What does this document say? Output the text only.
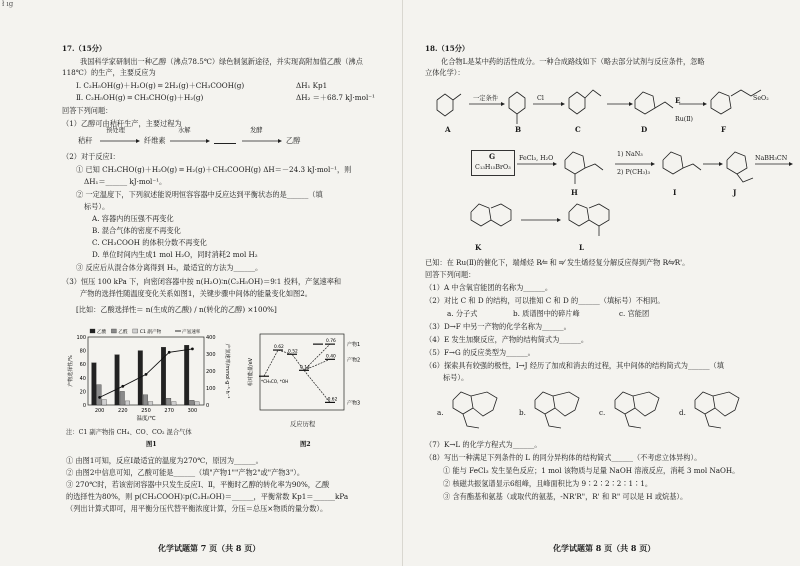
ł ıg
17.（15分）
我国科学家研制出一种乙醇（沸点78.5℃）绿色制氢新途径，并实现高附加值乙酸（沸点
118℃）的生产，主要反应为
Ⅰ. C₂H₅OH(g)＋H₂O(g) ═ 2H₂(g)＋CH₃COOH(g)	ΔH₁ Kp1
Ⅱ. C₂H₅OH(g) ═ CH₃CHO(g)＋H₂(g)	ΔH₂ ＝＋68.7 kJ·mol⁻¹
回答下列问题：
（1）乙醇可由秸秆生产，主要过程为
秸秆
预处理
纤维素
水解	发酵
乙醇
（2）对于反应Ⅰ：
① 已知 CH₃CHO(g)＋H₂O(g) ═ H₂(g)＋CH₃COOH(g) ΔH＝－24.3 kJ·mol⁻¹，则
ΔH₁＝______ kJ·mol⁻¹。
② 一定温度下，下列叙述能说明恒容容器中反应达到平衡状态的是______（填
标号）。
A. 容器内的压强不再变化
B. 混合气体的密度不再变化
C. CH₃COOH 的体积分数不再变化
D. 单位时间内生成1 mol H₂O，同时消耗2 mol H₂
③ 反应后从混合体分离得到 H₂，最适宜的方法为______。
（3）恒压 100 kPa 下，向密闭容器中按 n(H₂O)∶n(C₂H₅OH)＝9∶1 投料，产氢速率和
产物的选择性随温度变化关系如图1，关键步骤中间体的能量变化如图2。
[比如：乙酸选择性＝ n(生成的乙酸) / n(转化的乙醇) ×100%]
0
20
40
60
80
100
0
100
200
300
400
200	220	250	270	300
温度/℃
产物选择性/%	产氢速率/mmol·g⁻¹·h⁻¹
乙酸	乙醛	C1 副产物	产氢速率
注：C1 副产物指 CH₄、CO、CO₂ 混合气体
图1
相对能量/eV *CH₃CO, *OH
0.62
0.52
0.14
0.76
0.40
-0.62
产物1
产物2
产物3
反应历程
图2
① 由图1可知，反应Ⅰ最适宜的温度为270℃，原因为______。
② 由图2中信息可知，乙酸可能是______（填"产物1""产物2"或"产物3"）。
③ 270℃时，若该密闭容器中只发生反应Ⅰ、Ⅱ，平衡时乙醇的转化率为90%，乙酸
的选择性为80%，则 p(CH₃COOH)∶p(C₂H₅OH)＝______，平衡常数 Kp1＝______kPa
（列出计算式即可，用平衡分压代替平衡浓度计算，分压＝总压×物质的量分数）。
化学试题第 7 页（共 8 页）
18.（15分）
化合物L是某中药的活性成分。一种合成路线如下（略去部分试剂与反应条件，忽略
立体化学）：
一定条件	Cl
Ru(Ⅱ)
SeO₂
A	B	C	D
E
F
G
C₁₃H₁₅BrO₃
FeCl₃, H₂O
1) NaN₃
2) P(CH₃)₃
NaBH₃CN
H	I	J
K	L
已知：在 Ru(Ⅱ)的催化下，端烯烃 R⁄═ 和 ═⁄ 发生烯烃复分解反应得到产物 R⁄═⁄R'。
回答下列问题：
（1）A 中含氧官能团的名称为______。
（2）对比 C 和 D 的结构，可以推知 C 和 D 的______（填标号）不相同。
a. 分子式	b. 质谱图中的碎片峰	c. 官能团
（3）D→F 中另一产物的化学名称为______。
（4）E 发生加聚反应，产物的结构简式为______。
（5）F→G 的反应类型为______。
（6）探索具有较强的极性，I→J 经历了加成和消去的过程，其中间体的结构简式为______（填
标号）。
a.	b.	c.	d.
（7）K→L 的化学方程式为______。
（8）写出一种满足下列条件的 L 的同分异构体的结构简式______（不考虑立体异构）。
① 能与 FeCl₃ 发生显色反应；1 mol 该物质与足量 NaOH 溶液反应，消耗 3 mol NaOH。
② 核磁共振氢谱显示6组峰，且峰面积比为 9∶2∶2∶2∶1∶1。
③ 含有酯基和氨基（或取代的氨基，-NR'R"，R' 和 R" 可以是 H 或烷基）。
化学试题第 8 页（共 8 页）
